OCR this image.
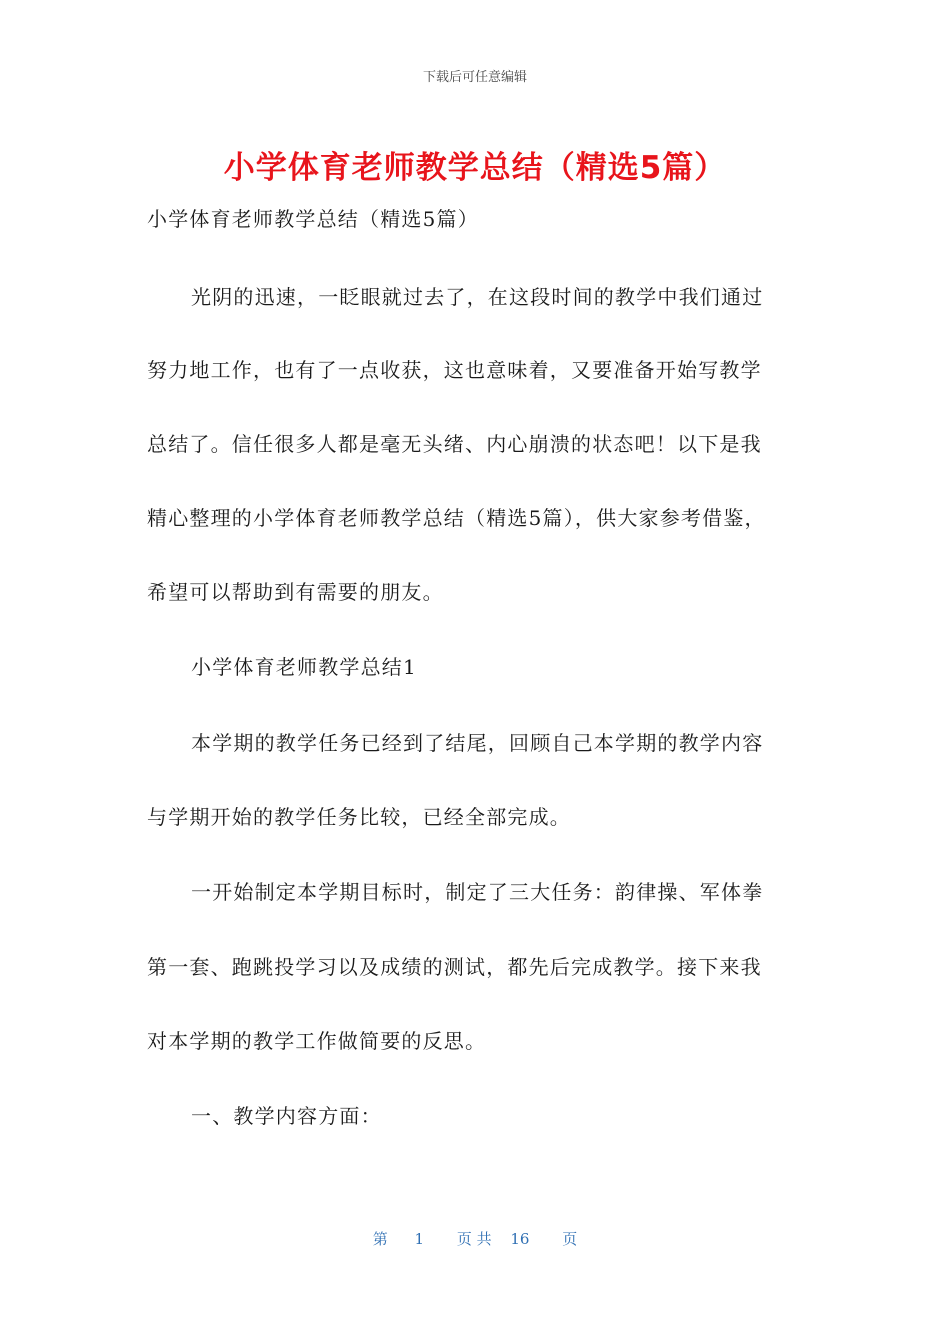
下载后可任意编辑
小学体育老师教学总结（精选5篇）
小学体育老师教学总结（精选5篇）
光阴的迅速，一眨眼就过去了，在这段时间的教学中我们通过
努力地工作，也有了一点收获，这也意味着，又要准备开始写教学
总结了。信任很多人都是毫无头绪、内心崩溃的状态吧！以下是我
精心整理的小学体育老师教学总结（精选5篇），供大家参考借鉴，
希望可以帮助到有需要的朋友。
小学体育老师教学总结1
本学期的教学任务已经到了结尾，回顾自己本学期的教学内容
与学期开始的教学任务比较，已经全部完成。
一开始制定本学期目标时，制定了三大任务：韵律操、军体拳
第一套、跑跳投学习以及成绩的测试，都先后完成教学。接下来我
对本学期的教学工作做简要的反思。
一、教学内容方面：
第 1 页 共 16 页
